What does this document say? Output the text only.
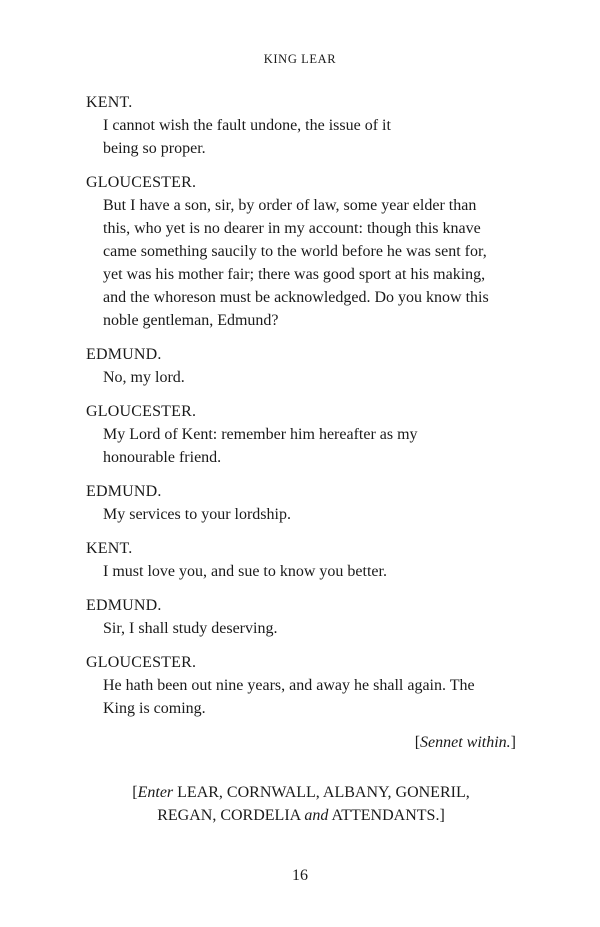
KING LEAR
KENT.
I cannot wish the fault undone, the issue of it
being so proper.
GLOUCESTER.
But I have a son, sir, by order of law, some year elder than
this, who yet is no dearer in my account: though this knave
came something saucily to the world before he was sent for,
yet was his mother fair; there was good sport at his making,
and the whoreson must be acknowledged. Do you know this
noble gentleman, Edmund?
EDMUND.
No, my lord.
GLOUCESTER.
My Lord of Kent: remember him hereafter as my
honourable friend.
EDMUND.
My services to your lordship.
KENT.
I must love you, and sue to know you better.
EDMUND.
Sir, I shall study deserving.
GLOUCESTER.
He hath been out nine years, and away he shall again. The
King is coming.
[Sennet within.]
[Enter LEAR, CORNWALL, ALBANY, GONERIL,
REGAN, CORDELIA and ATTENDANTS.]
16
